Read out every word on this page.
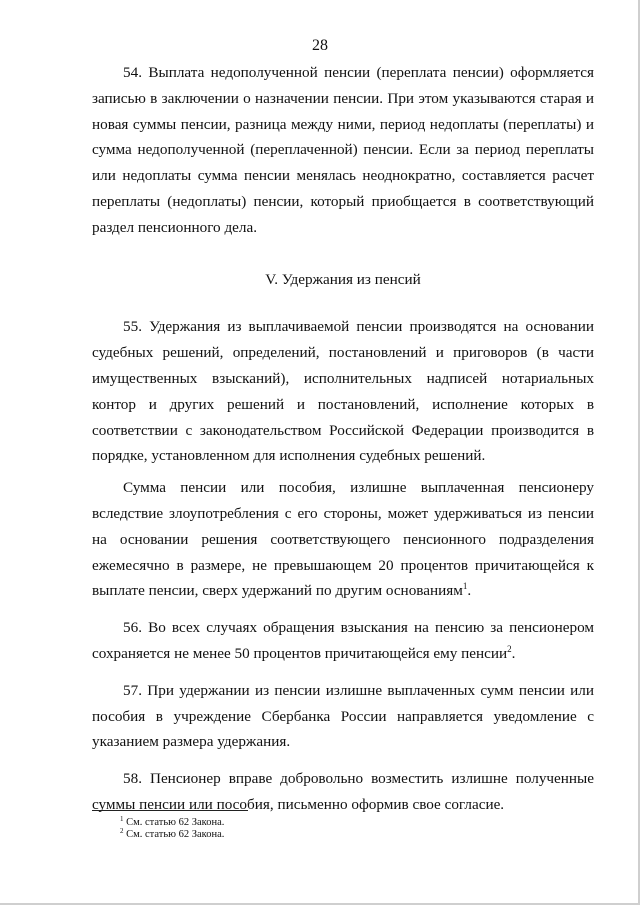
28

54. Выплата недополученной пенсии (переплата пенсии) оформляется записью в заключении о назначении пенсии. При этом указываются старая и новая суммы пенсии, разница между ними, период недоплаты (переплаты) и сумма недополученной (переплаченной) пенсии. Если за период переплаты или недоплаты сумма пенсии менялась неоднократно, составляется расчет переплаты (недоплаты) пенсии, который приобщается в соответствующий раздел пенсионного дела.

V. Удержания из пенсий

55. Удержания из выплачиваемой пенсии производятся на основании судебных решений, определений, постановлений и приговоров (в части имущественных взысканий), исполнительных надписей нотариальных контор и других решений и постановлений, исполнение которых в соответствии с законодательством Российской Федерации производится в порядке, установленном для исполнения судебных решений.

Сумма пенсии или пособия, излишне выплаченная пенсионеру вследствие злоупотребления с его стороны, может удерживаться из пенсии на основании решения соответствующего пенсионного подразделения ежемесячно в размере, не превышающем 20 процентов причитающейся к выплате пенсии, сверх удержаний по другим основаниям$^1$.

56. Во всех случаях обращения взыскания на пенсию за пенсионером сохраняется не менее 50 процентов причитающейся ему пенсии$^2$.

57. При удержании из пенсии излишне выплаченных сумм пенсии или пособия в учреждение Сбербанка России направляется уведомление с указанием размера удержания.

58. Пенсионер вправе добровольно возместить излишне полученные суммы пенсии или пособия, письменно оформив свое согласие.

$^1$ См. статью 62 Закона.
$^2$ См. статью 62 Закона.
